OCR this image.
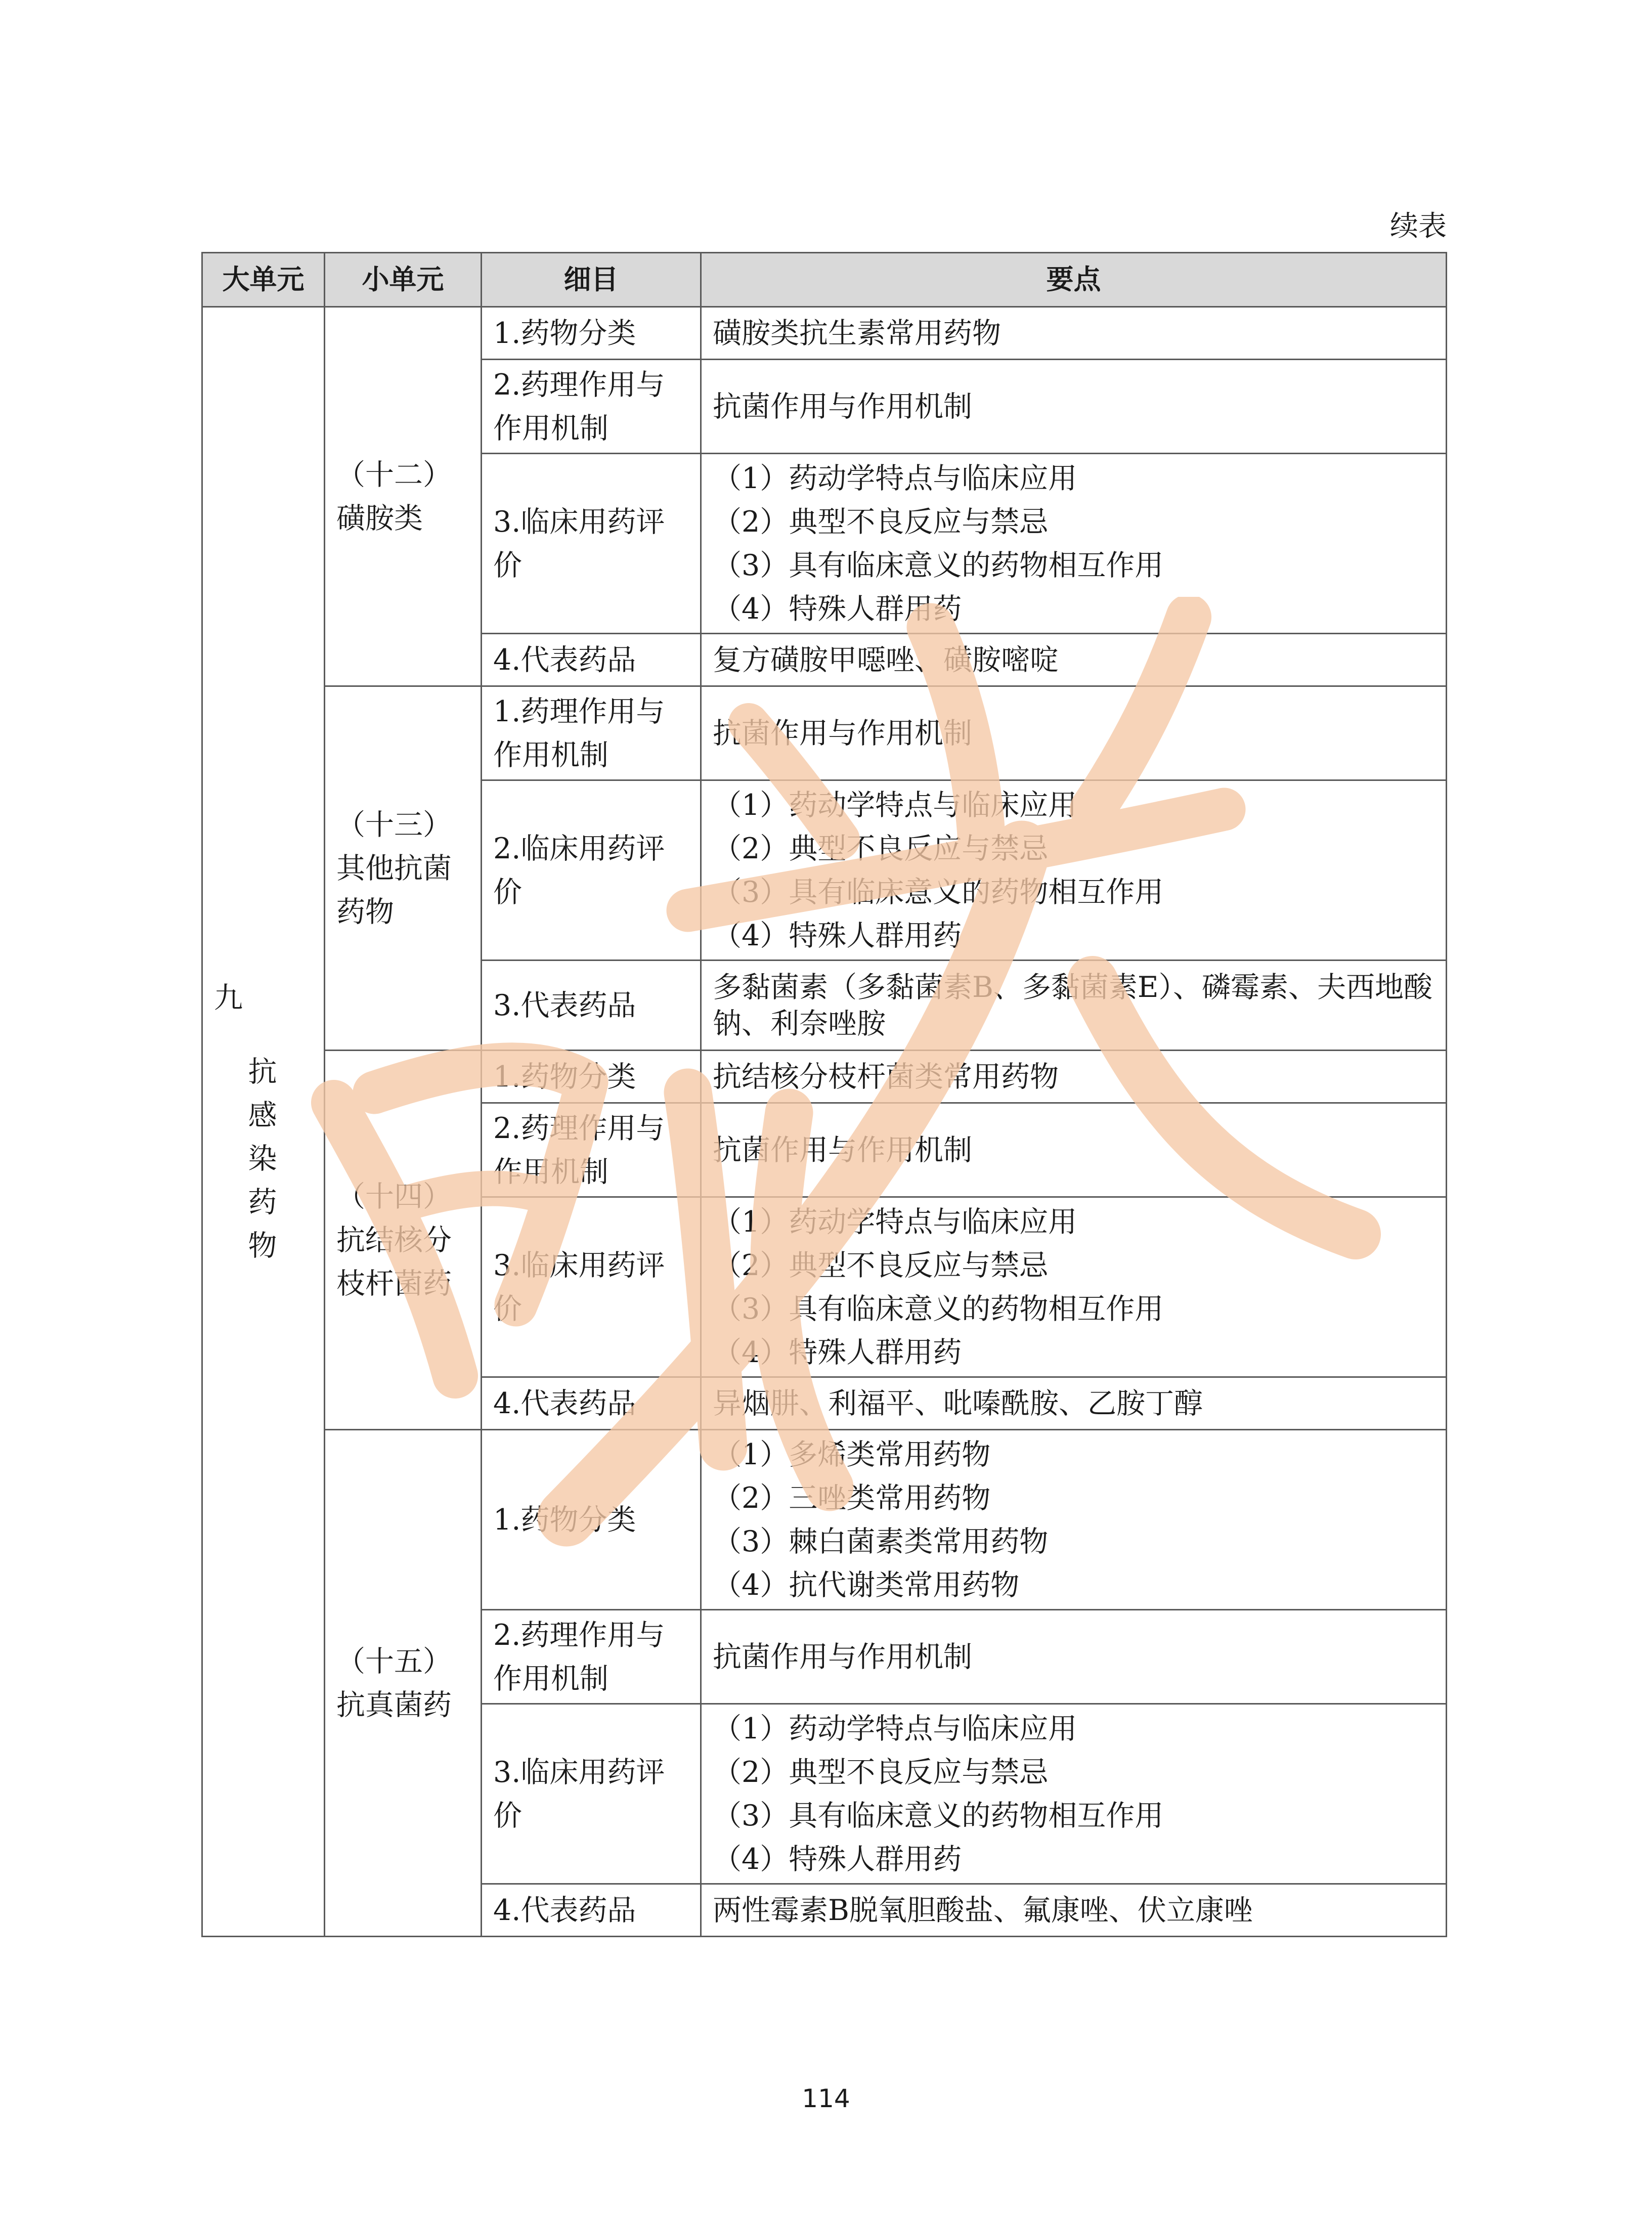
续表
大单元	小单元	细目	要点

九
抗感染药物	（十二）磺胺类	1.药物分类	磺胺类抗生素常用药物

		2.药理作用与作用机制	抗菌作用与作用机制

		3.临床用药评价	（1）药动学特点与临床应用
（2）典型不良反应与禁忌
（3）具有临床意义的药物相互作用
（4）特殊人群用药

		4.代表药品	复方磺胺甲噁唑、磺胺嘧啶

	（十三）其他抗菌药物	1.药理作用与作用机制	抗菌作用与作用机制

		2.临床用药评价	（1）药动学特点与临床应用
（2）典型不良反应与禁忌
（3）具有临床意义的药物相互作用
（4）特殊人群用药

		3.代表药品	多黏菌素（多黏菌素B、多黏菌素E）、磷霉素、夫西地酸钠、利奈唑胺

	（十四）抗结核分枝杆菌药	1.药物分类	抗结核分枝杆菌类常用药物

		2.药理作用与作用机制	抗菌作用与作用机制

		3.临床用药评价	（1）药动学特点与临床应用
（2）典型不良反应与禁忌
（3）具有临床意义的药物相互作用
（4）特殊人群用药

		4.代表药品	异烟肼、利福平、吡嗪酰胺、乙胺丁醇

	（十五）抗真菌药	1.药物分类	（1）多烯类常用药物
（2）三唑类常用药物
（3）棘白菌素类常用药物
（4）抗代谢类常用药物

		2.药理作用与作用机制	抗菌作用与作用机制

		3.临床用药评价	（1）药动学特点与临床应用
（2）典型不良反应与禁忌
（3）具有临床意义的药物相互作用
（4）特殊人群用药

		4.代表药品	两性霉素B脱氧胆酸盐、氟康唑、伏立康唑
114
